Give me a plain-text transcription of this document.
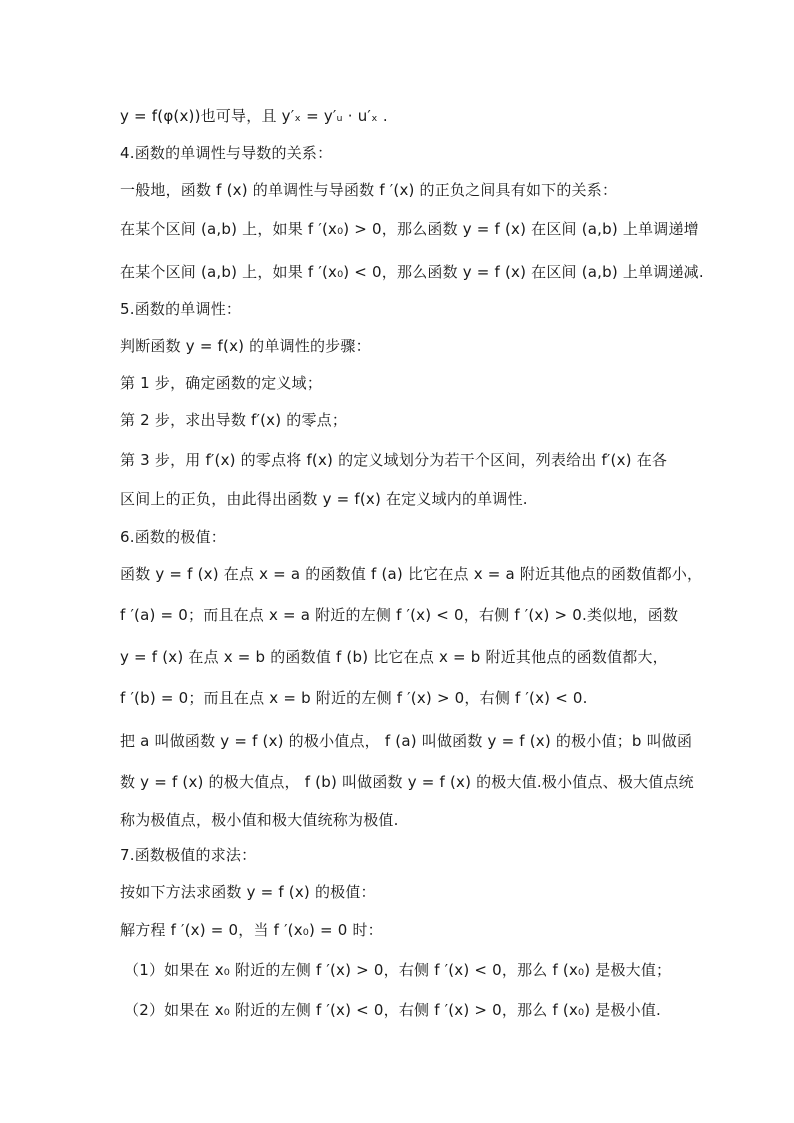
y = f(φ(x))也可导，且 y′ₓ = y′ᵤ · u′ₓ .
4.函数的单调性与导数的关系：
一般地，函数 f (x) 的单调性与导函数 f ′(x) 的正负之间具有如下的关系：
在某个区间 (a,b) 上，如果 f ′(x₀) > 0，那么函数 y = f (x) 在区间 (a,b) 上单调递增
在某个区间 (a,b) 上，如果 f ′(x₀) < 0，那么函数 y = f (x) 在区间 (a,b) 上单调递减.
5.函数的单调性：
判断函数 y = f(x) 的单调性的步骤：
第 1 步，确定函数的定义域；
第 2 步，求出导数 f′(x) 的零点；
第 3 步，用 f′(x) 的零点将 f(x) 的定义域划分为若干个区间，列表给出 f′(x) 在各
区间上的正负，由此得出函数 y = f(x) 在定义域内的单调性.
6.函数的极值：
函数 y = f (x) 在点 x = a 的函数值 f (a) 比它在点 x = a 附近其他点的函数值都小，
f ′(a) = 0；而且在点 x = a 附近的左侧 f ′(x) < 0，右侧 f ′(x) > 0.类似地，函数
y = f (x) 在点 x = b 的函数值 f (b) 比它在点 x = b 附近其他点的函数值都大，
f ′(b) = 0；而且在点 x = b 附近的左侧 f ′(x) > 0，右侧 f ′(x) < 0.
把 a 叫做函数 y = f (x) 的极小值点， f (a) 叫做函数 y = f (x) 的极小值；b 叫做函
数 y = f (x) 的极大值点， f (b) 叫做函数 y = f (x) 的极大值.极小值点、极大值点统
称为极值点，极小值和极大值统称为极值.
7.函数极值的求法：
按如下方法求函数 y = f (x) 的极值：
解方程 f ′(x) = 0，当 f ′(x₀) = 0 时：
（1）如果在 x₀ 附近的左侧 f ′(x) > 0，右侧 f ′(x) < 0，那么 f (x₀) 是极大值；
（2）如果在 x₀ 附近的左侧 f ′(x) < 0，右侧 f ′(x) > 0，那么 f (x₀) 是极小值.
